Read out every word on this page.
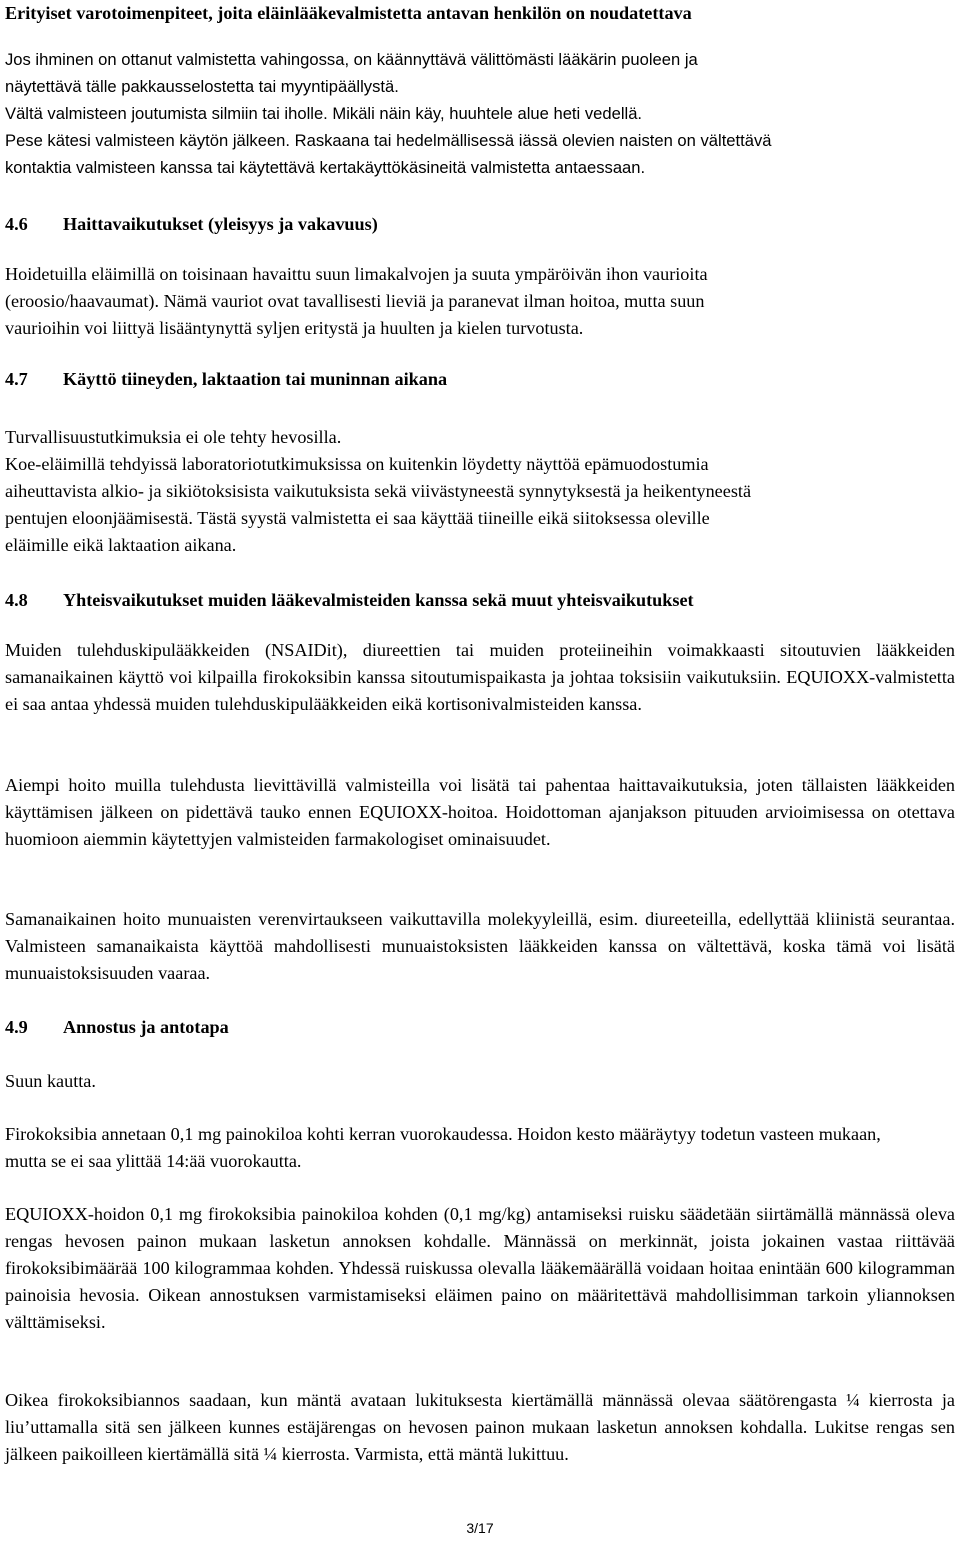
Erityiset varotoimenpiteet, joita eläinlääkevalmistetta antavan henkilön on noudatettava
Jos ihminen on ottanut valmistetta vahingossa, on käännyttävä välittömästi lääkärin puoleen ja
näytettävä tälle pakkausselostetta tai myyntipäällystä.
Vältä valmisteen joutumista silmiin tai iholle. Mikäli näin käy, huuhtele alue heti vedellä.
Pese kätesi valmisteen käytön jälkeen. Raskaana tai hedelmällisessä iässä olevien naisten on vältettävä
kontaktia valmisteen kanssa tai käytettävä kertakäyttökäsineitä valmistetta antaessaan.
4.6 Haittavaikutukset (yleisyys ja vakavuus)
Hoidetuilla eläimillä on toisinaan havaittu suun limakalvojen ja suuta ympäröivän ihon vaurioita
(eroosio/haavaumat). Nämä vauriot ovat tavallisesti lieviä ja paranevat ilman hoitoa, mutta suun
vaurioihin voi liittyä lisääntynyttä syljen eritystä ja huulten ja kielen turvotusta.
4.7 Käyttö tiineyden, laktaation tai muninnan aikana
Turvallisuustutkimuksia ei ole tehty hevosilla.
Koe-eläimillä tehdyissä laboratoriotutkimuksissa on kuitenkin löydetty näyttöä epämuodostumia
aiheuttavista alkio- ja sikiötoksisista vaikutuksista sekä viivästyneestä synnytyksestä ja heikentyneestä
pentujen eloonjäämisestä. Tästä syystä valmistetta ei saa käyttää tiineille eikä siitoksessa oleville
eläimille eikä laktaation aikana.
4.8 Yhteisvaikutukset muiden lääkevalmisteiden kanssa sekä muut yhteisvaikutukset

Muiden tulehduskipulääkkeiden (NSAIDit), diureettien tai muiden proteiineihin voimakkaasti sitoutuvien lääkkeiden samanaikainen käyttö voi kilpailla firokoksibin kanssa sitoutumispaikasta ja johtaa toksisiin vaikutuksiin. EQUIOXX-valmistetta ei saa antaa yhdessä muiden tulehduskipulääkkeiden eikä kortisonivalmisteiden kanssa.

Aiempi hoito muilla tulehdusta lievittävillä valmisteilla voi lisätä tai pahentaa haittavaikutuksia, joten tällaisten lääkkeiden käyttämisen jälkeen on pidettävä tauko ennen EQUIOXX-hoitoa. Hoidottoman ajanjakson pituuden arvioimisessa on otettava huomioon aiemmin käytettyjen valmisteiden farmakologiset ominaisuudet.

Samanaikainen hoito munuaisten verenvirtaukseen vaikuttavilla molekyyleillä, esim. diureeteilla, edellyttää kliinistä seurantaa. Valmisteen samanaikaista käyttöä mahdollisesti munuaistoksisten lääkkeiden kanssa on vältettävä, koska tämä voi lisätä munuaistoksisuuden vaaraa.

4.9 Annostus ja antotapa

Suun kautta.

Firokoksibia annetaan 0,1 mg painokiloa kohti kerran vuorokaudessa. Hoidon kesto määräytyy todetun vasteen mukaan, mutta se ei saa ylittää 14:ää vuorokautta.

EQUIOXX-hoidon 0,1 mg firokoksibia painokiloa kohden (0,1 mg/kg) antamiseksi ruisku säädetään siirtämällä männässä oleva rengas hevosen painon mukaan lasketun annoksen kohdalle. Männässä on merkinnät, joista jokainen vastaa riittävää firokoksibimäärää 100 kilogrammaa kohden. Yhdessä ruiskussa olevalla lääkemäärällä voidaan hoitaa enintään 600 kilogramman painoisia hevosia. Oikean annostuksen varmistamiseksi eläimen paino on määritettävä mahdollisimman tarkoin yliannoksen välttämiseksi.

Oikea firokoksibiannos saadaan, kun mäntä avataan lukituksesta kiertämällä männässä olevaa säätörengasta ¼ kierrosta ja liu’uttamalla sitä sen jälkeen kunnes estäjärengas on hevosen painon mukaan lasketun annoksen kohdalla. Lukitse rengas sen jälkeen paikoilleen kiertämällä sitä ¼ kierrosta. Varmista, että mäntä lukittuu.

3/17
